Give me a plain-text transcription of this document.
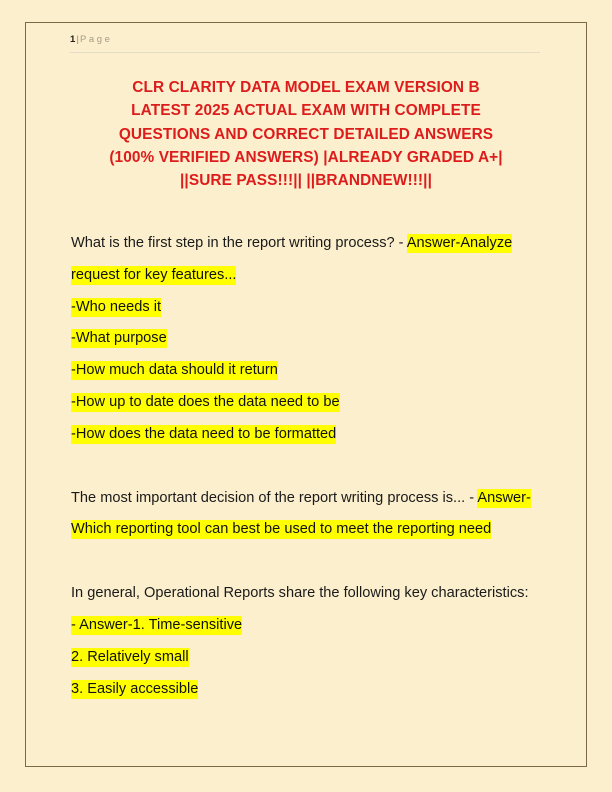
1|Page
CLR CLARITY DATA MODEL EXAM VERSION B
LATEST 2025 ACTUAL EXAM WITH COMPLETE
QUESTIONS AND CORRECT DETAILED ANSWERS
(100% VERIFIED ANSWERS) |ALREADY GRADED A+|
||SURE PASS!!!|| ||BRANDNEW!!!||

What is the first step in the report writing process? - Answer-Analyze request for key features...

-Who needs it

-What purpose

-How much data should it return

-How up to date does the data need to be

-How does the data need to be formatted

The most important decision of the report writing process is... - Answer-Which reporting tool can best be used to meet the reporting need

In general, Operational Reports share the following key characteristics: - Answer-1. Time-sensitive

2. Relatively small

3. Easily accessible
